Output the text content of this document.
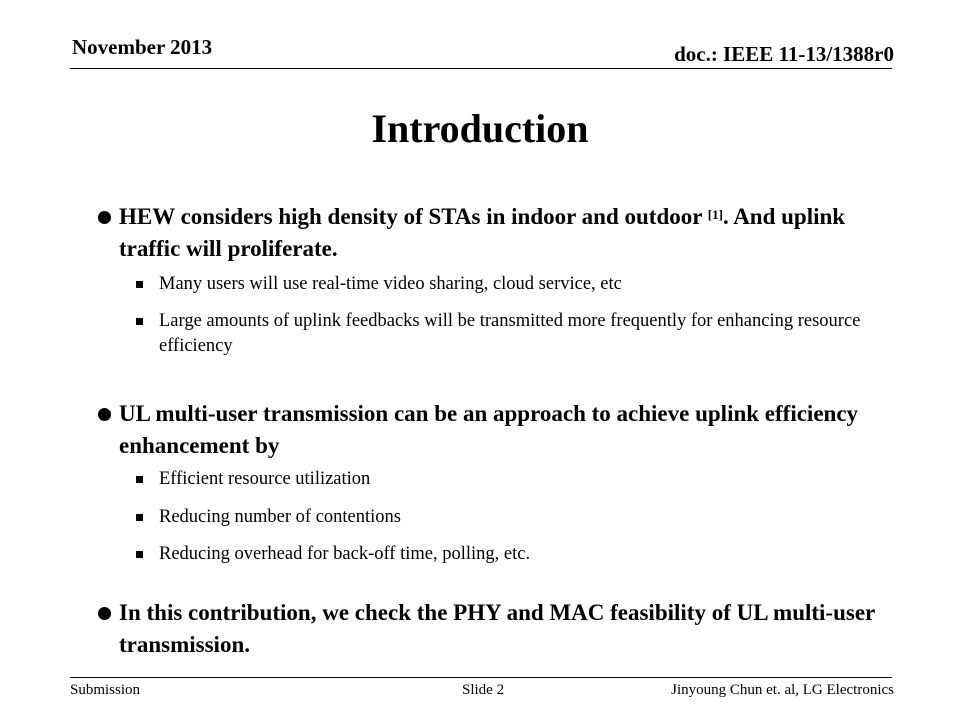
November 2013	doc.: IEEE 11-13/1388r0
Introduction
HEW considers high density of STAs in indoor and outdoor [1]. And uplink traffic will proliferate.
Many users will use real-time video sharing, cloud service, etc
Large amounts of uplink feedbacks will be transmitted more frequently for enhancing resource efficiency
UL multi-user transmission can be an approach to achieve uplink efficiency enhancement by
Efficient resource utilization
Reducing number of contentions
Reducing overhead for back-off time, polling, etc.
In this contribution, we check the PHY and MAC feasibility of UL multi-user transmission.
Submission	Slide 2	Jinyoung Chun et. al, LG Electronics
